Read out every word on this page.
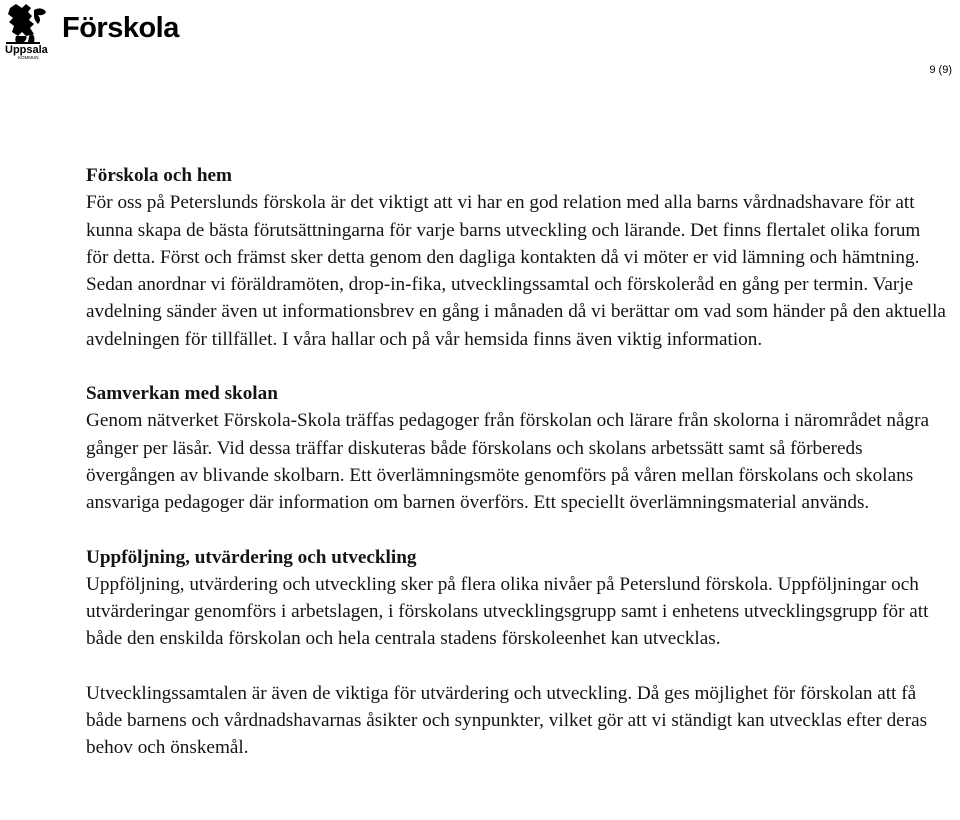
Uppsala
KOMMUN
Förskola
9 (9)

Förskola och hem

För oss på Peterslunds förskola är det viktigt att vi har en god relation med alla barns vårdnadshavare för att kunna skapa de bästa förutsättningarna för varje barns utveckling och lärande. Det finns flertalet olika forum för detta. Först och främst sker detta genom den dagliga kontakten då vi möter er vid lämning och hämtning. Sedan anordnar vi föräldramöten, drop-in-fika, utvecklingssamtal och förskoleråd en gång per termin. Varje avdelning sänder även ut informationsbrev en gång i månaden då vi berättar om vad som händer på den aktuella avdelningen för tillfället. I våra hallar och på vår hemsida finns även viktig information.

Samverkan med skolan

Genom nätverket Förskola-Skola träffas pedagoger från förskolan och lärare från skolorna i närområdet några gånger per läsår. Vid dessa träffar diskuteras både förskolans och skolans arbetssätt samt så förbereds övergången av blivande skolbarn. Ett överlämningsmöte genomförs på våren mellan förskolans och skolans ansvariga pedagoger där information om barnen överförs. Ett speciellt överlämningsmaterial används.

Uppföljning, utvärdering och utveckling

Uppföljning, utvärdering och utveckling sker på flera olika nivåer på Peterslund förskola. Uppföljningar och utvärderingar genomförs i arbetslagen, i förskolans utvecklingsgrupp samt i enhetens utvecklingsgrupp för att både den enskilda förskolan och hela centrala stadens förskoleenhet kan utvecklas.

Utvecklingssamtalen är även de viktiga för utvärdering och utveckling. Då ges möjlighet för förskolan att få både barnens och vårdnadshavarnas åsikter och synpunkter, vilket gör att vi ständigt kan utvecklas efter deras behov och önskemål.
